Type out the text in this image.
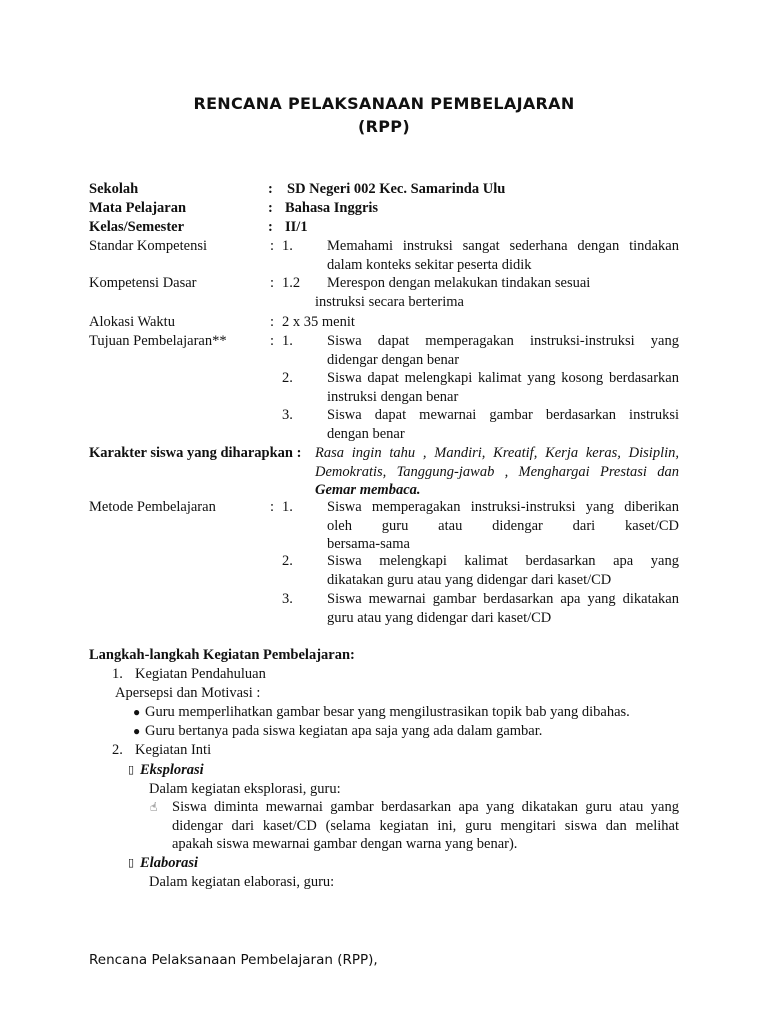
RENCANA PELAKSANAAN PEMBELAJARAN
(RPP)
Sekolah	: SD Negeri 002 Kec. Samarinda Ulu
Mata Pelajaran	: Bahasa Inggris
Kelas/Semester	: II/1
Standar Kompetensi	: 1. Memahami instruksi sangat sederhana dengan tindakan
dalam konteks sekitar peserta didik
Kompetensi Dasar	: 1.2 Merespon dengan melakukan tindakan sesuai
instruksi secara berterima
Alokasi Waktu	: 2 x 35 menit
Tujuan Pembelajaran**	: 1. Siswa dapat memperagakan instruksi-instruksi yang
didengar dengan benar
2. Siswa dapat melengkapi kalimat yang kosong berdasarkan
instruksi dengan benar
3. Siswa dapat mewarnai gambar berdasarkan instruksi
dengan benar
Karakter siswa yang diharapkan : Rasa ingin tahu , Mandiri, Kreatif, Kerja keras, Disiplin,
Demokratis, Tanggung-jawab , Menghargai Prestasi dan
Gemar membaca.
Metode Pembelajaran	: 1. Siswa memperagakan instruksi-instruksi yang diberikan
oleh guru atau didengar dari kaset/CD
bersama-sama
2. Siswa melengkapi kalimat berdasarkan apa yang
dikatakan guru atau yang didengar dari kaset/CD
3. Siswa mewarnai gambar berdasarkan apa yang dikatakan
guru atau yang didengar dari kaset/CD
Langkah-langkah Kegiatan Pembelajaran:
1. Kegiatan Pendahuluan
Apersepsi dan Motivasi :
● Guru memperlihatkan gambar besar yang mengilustrasikan topik bab yang dibahas.
● Guru bertanya pada siswa kegiatan apa saja yang ada dalam gambar.
2. Kegiatan Inti
▯ Eksplorasi
Dalam kegiatan eksplorasi, guru:
☝ Siswa diminta mewarnai gambar berdasarkan apa yang dikatakan guru atau yang
didengar dari kaset/CD (selama kegiatan ini, guru mengitari siswa dan melihat
apakah siswa mewarnai gambar dengan warna yang benar).
▯ Elaborasi
Dalam kegiatan elaborasi, guru:
Rencana Pelaksanaan Pembelajaran (RPP),
